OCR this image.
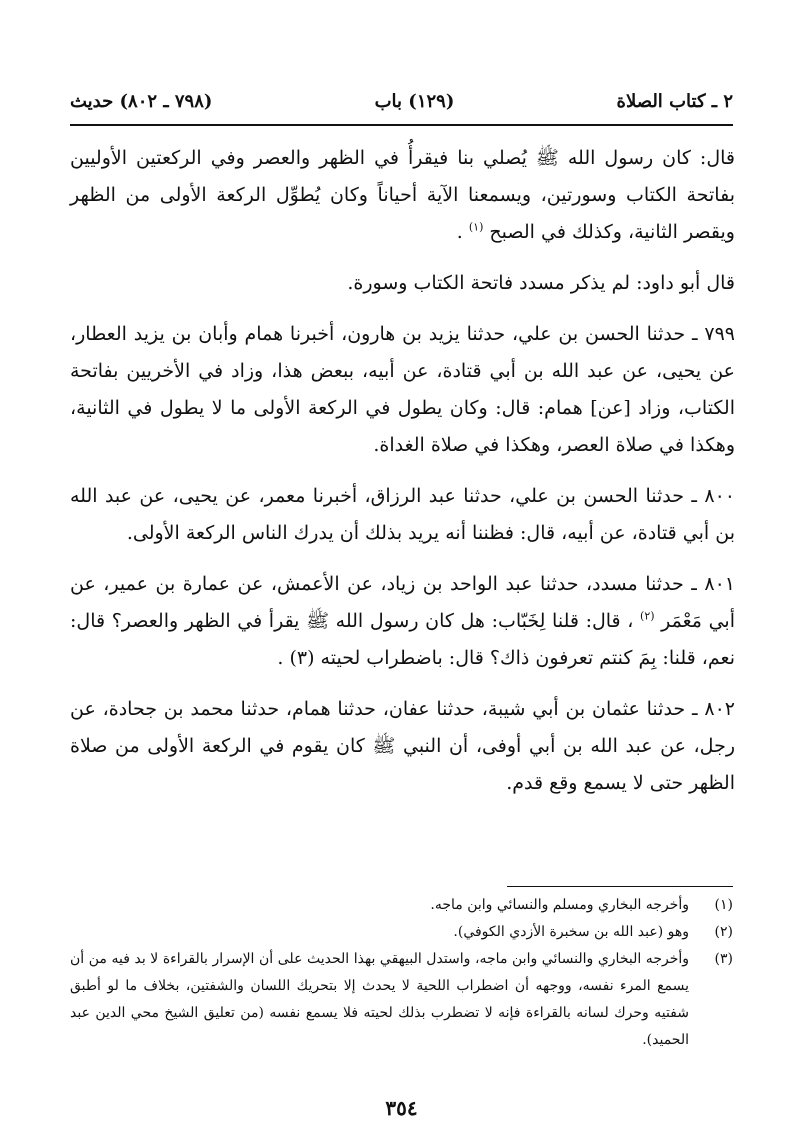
٢ ـ كتاب الصلاة
(١٢٩) باب
(٧٩٨ ـ ٨٠٢) حديث

قال: كان رسول الله ﷺ يُصلي بنا فيقرأُ في الظهر والعصر وفي الركعتين الأوليين بفاتحة الكتاب وسورتين، ويسمعنا الآية أحياناً وكان يُطوِّل الركعة الأولى من الظهر ويقصر الثانية، وكذلك في الصبح $^{(١)}$ .

قال أبو داود: لم يذكر مسدد فاتحة الكتاب وسورة.

٧٩٩ ـ حدثنا الحسن بن علي، حدثنا يزيد بن هارون، أخبرنا همام وأبان بن يزيد العطار، عن يحيى، عن عبد الله بن أبي قتادة، عن أبيه، ببعض هذا، وزاد في الأخريين بفاتحة الكتاب، وزاد [عن] همام: قال: وكان يطول في الركعة الأولى ما لا يطول في الثانية، وهكذا في صلاة العصر، وهكذا في صلاة الغداة.

٨٠٠ ـ حدثنا الحسن بن علي، حدثنا عبد الرزاق، أخبرنا معمر، عن يحيى، عن عبد الله بن أبي قتادة، عن أبيه، قال: فظننا أنه يريد بذلك أن يدرك الناس الركعة الأولى.

٨٠١ ـ حدثنا مسدد، حدثنا عبد الواحد بن زياد، عن الأعمش، عن عمارة بن عمير، عن أبي مَعْمَر $^{(٢)}$ ، قال: قلنا لِخَبّاب: هل كان رسول الله ﷺ يقرأ في الظهر والعصر؟ قال: نعم، قلنا: بِمَ كنتم تعرفون ذاك؟ قال: باضطراب لحيته (٣) .

٨٠٢ ـ حدثنا عثمان بن أبي شيبة، حدثنا عفان، حدثنا همام، حدثنا محمد بن جحادة، عن رجل، عن عبد الله بن أبي أوفى، أن النبي ﷺ كان يقوم في الركعة الأولى من صلاة الظهر حتى لا يسمع وقع قدم.

(١)
وأخرجه البخاري ومسلم والنسائي وابن ماجه.
(٢)
وهو (عبد الله بن سخبرة الأزدي الكوفي).
(٣)
وأخرجه البخاري والنسائي وابن ماجه، واستدل البيهقي بهذا الحديث على أن الإسرار بالقراءة لا بد فيه من أن يسمع المرء نفسه، ووجهه أن اضطراب اللحية لا يحدث إلا بتحريك اللسان والشفتين، بخلاف ما لو أطبق شفتيه وحرك لسانه بالقراءة فإنه لا تضطرب بذلك لحيته فلا يسمع نفسه (من تعليق الشيخ محي الدين عبد الحميد).
٣٥٤
